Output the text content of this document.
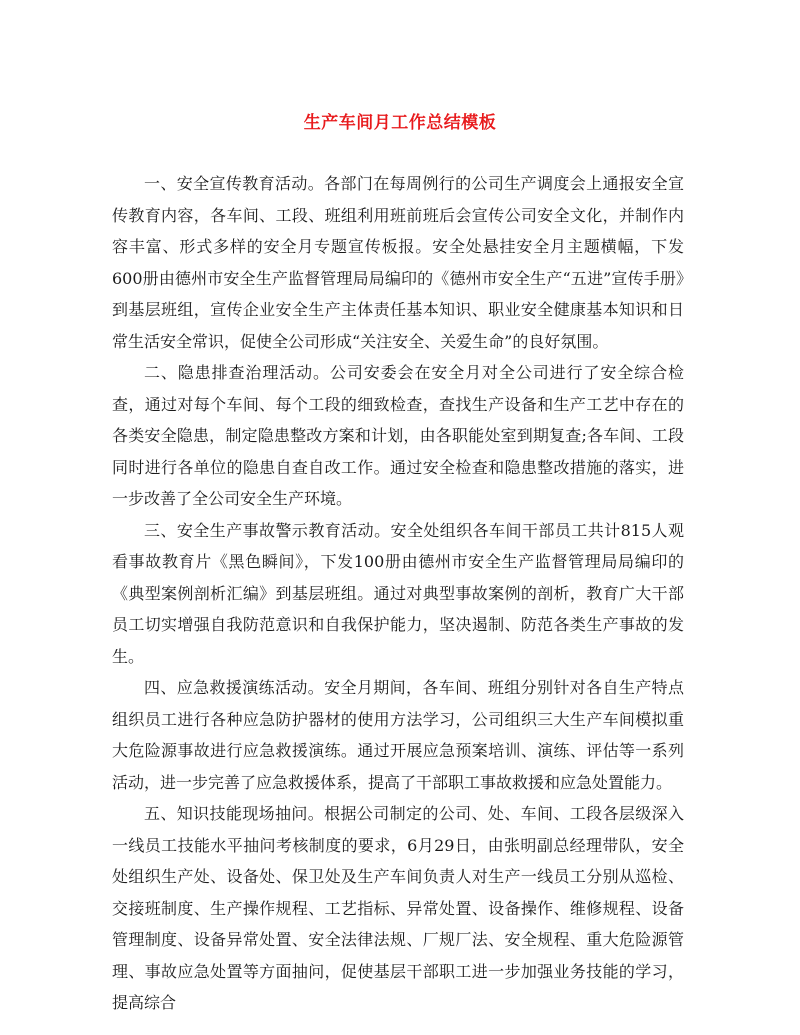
生产车间月工作总结模板

一、安全宣传教育活动。各部门在每周例行的公司生产调度会上通报安全宣传教育内容，各车间、工段、班组利用班前班后会宣传公司安全文化，并制作内容丰富、形式多样的安全月专题宣传板报。安全处悬挂安全月主题横幅，下发600册由德州市安全生产监督管理局局编印的《德州市安全生产“五进”宣传手册》到基层班组，宣传企业安全生产主体责任基本知识、职业安全健康基本知识和日常生活安全常识，促使全公司形成“关注安全、关爱生命”的良好氛围。

二、隐患排查治理活动。公司安委会在安全月对全公司进行了安全综合检查，通过对每个车间、每个工段的细致检查，查找生产设备和生产工艺中存在的各类安全隐患，制定隐患整改方案和计划，由各职能处室到期复查;各车间、工段同时进行各单位的隐患自查自改工作。通过安全检查和隐患整改措施的落实，进一步改善了全公司安全生产环境。

三、安全生产事故警示教育活动。安全处组织各车间干部员工共计815人观看事故教育片《黑色瞬间》，下发100册由德州市安全生产监督管理局局编印的《典型案例剖析汇编》到基层班组。通过对典型事故案例的剖析，教育广大干部员工切实增强自我防范意识和自我保护能力，坚决遏制、防范各类生产事故的发生。

四、应急救援演练活动。安全月期间，各车间、班组分别针对各自生产特点组织员工进行各种应急防护器材的使用方法学习，公司组织三大生产车间模拟重大危险源事故进行应急救援演练。通过开展应急预案培训、演练、评估等一系列活动，进一步完善了应急救援体系，提高了干部职工事故救援和应急处置能力。

五、知识技能现场抽问。根据公司制定的公司、处、车间、工段各层级深入一线员工技能水平抽问考核制度的要求，6月29日，由张明副总经理带队，安全处组织生产处、设备处、保卫处及生产车间负责人对生产一线员工分别从巡检、交接班制度、生产操作规程、工艺指标、异常处置、设备操作、维修规程、设备管理制度、设备异常处置、安全法律法规、厂规厂法、安全规程、重大危险源管理、事故应急处置等方面抽问，促使基层干部职工进一步加强业务技能的学习，提高综合
